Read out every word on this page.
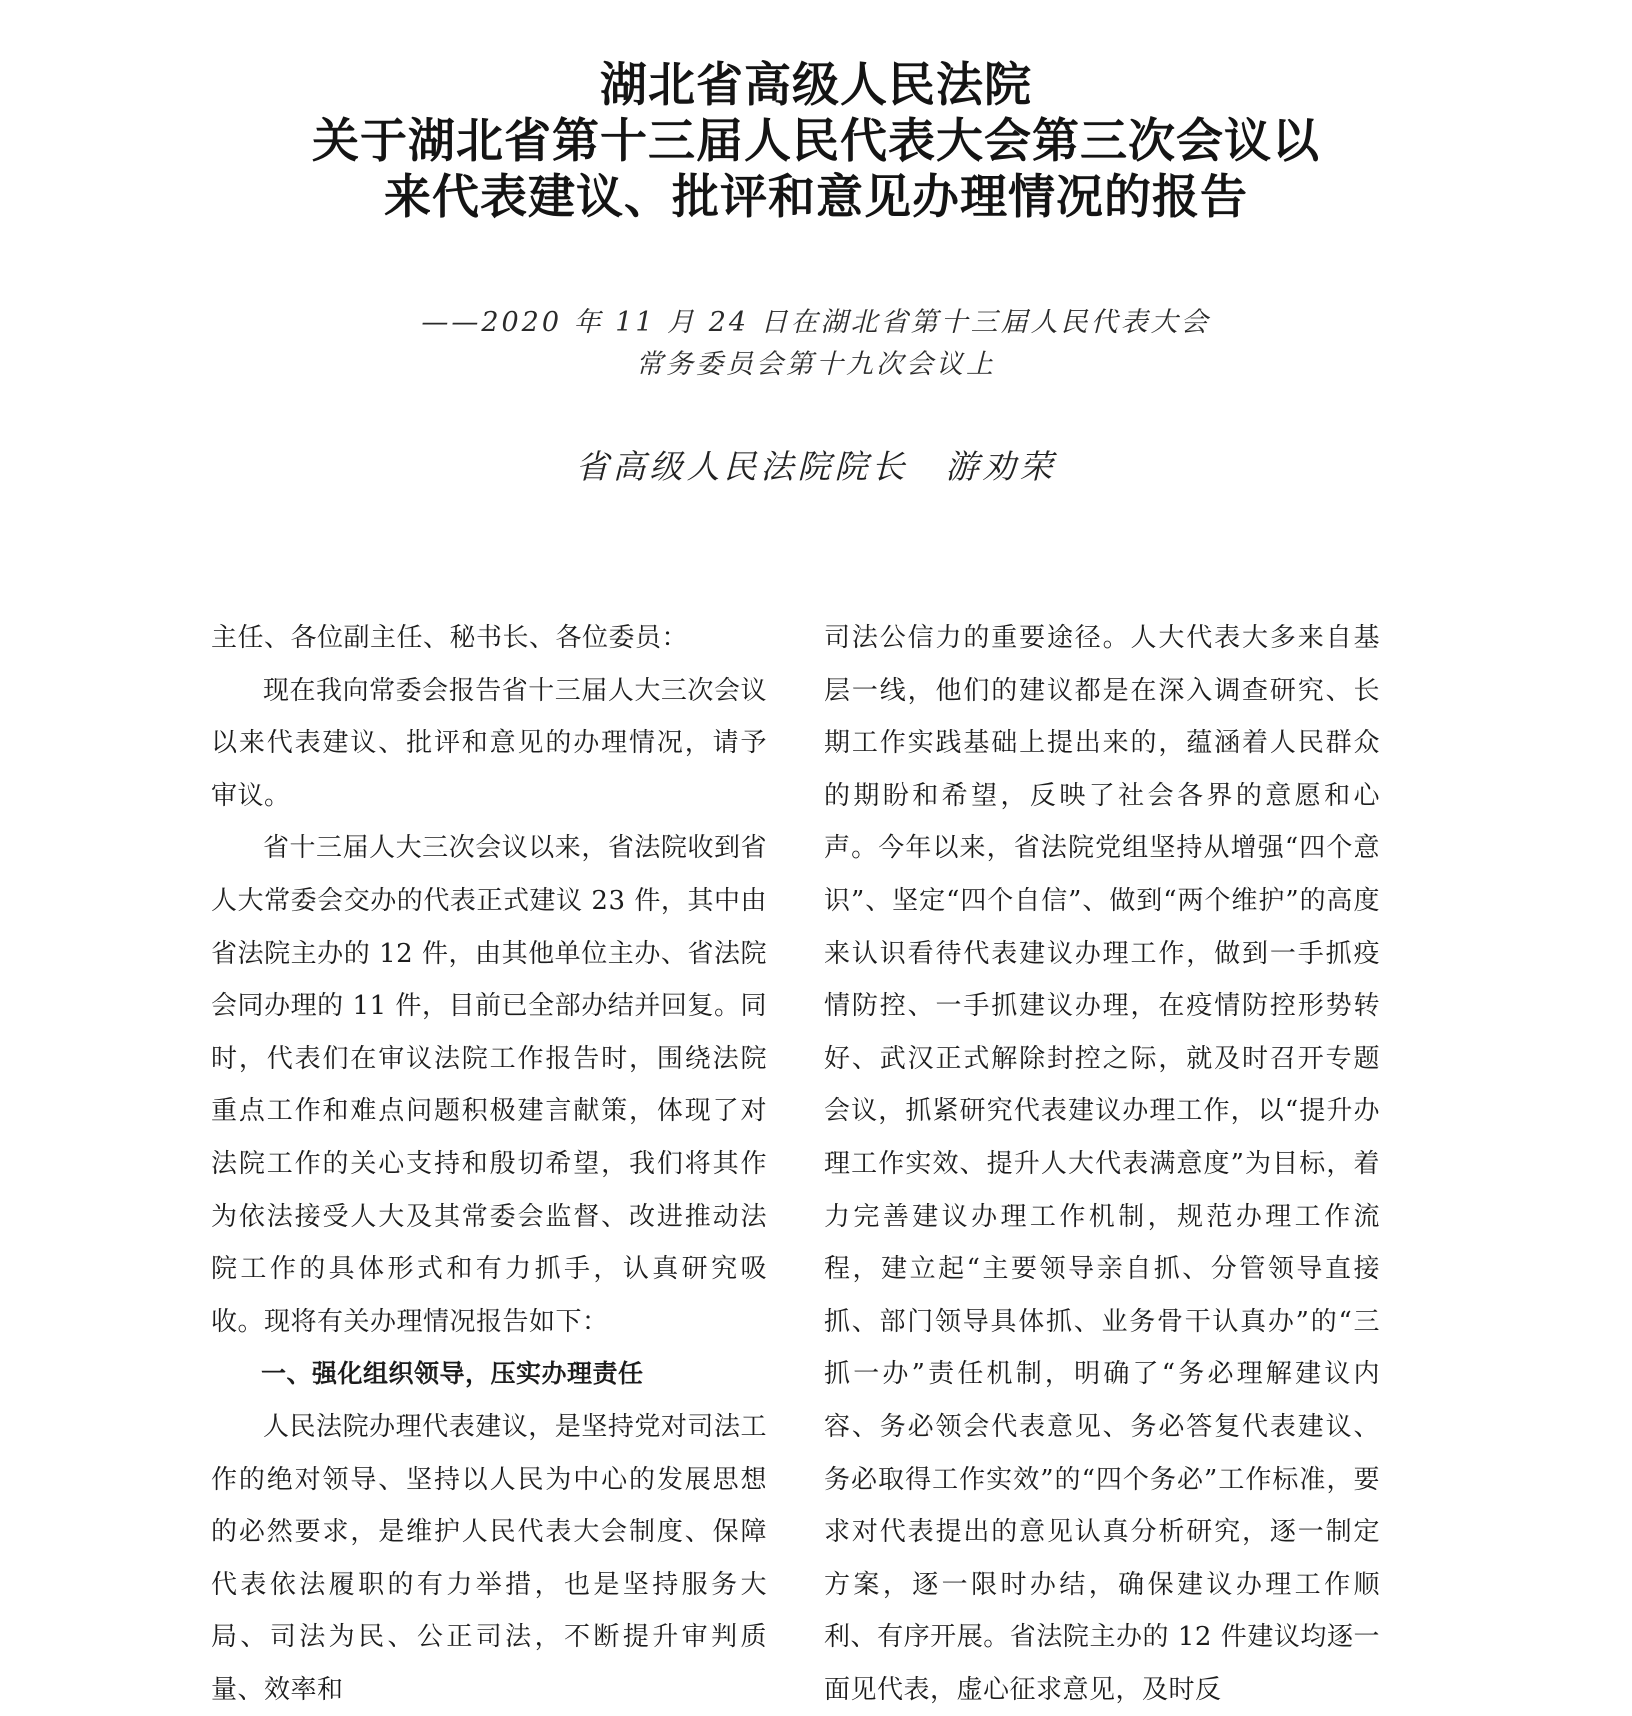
湖北省高级人民法院
关于湖北省第十三届人民代表大会第三次会议以
来代表建议、批评和意见办理情况的报告
——2020 年 11 月 24 日在湖北省第十三届人民代表大会
常务委员会第十九次会议上
省高级人民法院院长　游劝荣

主任、各位副主任、秘书长、各位委员：

现在我向常委会报告省十三届人大三次会议以来代表建议、批评和意见的办理情况，请予审议。

省十三届人大三次会议以来，省法院收到省人大常委会交办的代表正式建议 23 件，其中由省法院主办的 12 件，由其他单位主办、省法院会同办理的 11 件，目前已全部办结并回复。同时，代表们在审议法院工作报告时，围绕法院重点工作和难点问题积极建言献策，体现了对法院工作的关心支持和殷切希望，我们将其作为依法接受人大及其常委会监督、改进推动法院工作的具体形式和有力抓手，认真研究吸收。现将有关办理情况报告如下：

一、强化组织领导，压实办理责任

人民法院办理代表建议，是坚持党对司法工作的绝对领导、坚持以人民为中心的发展思想的必然要求，是维护人民代表大会制度、保障代表依法履职的有力举措，也是坚持服务大局、司法为民、公正司法，不断提升审判质量、效率和

司法公信力的重要途径。人大代表大多来自基层一线，他们的建议都是在深入调查研究、长期工作实践基础上提出来的，蕴涵着人民群众的期盼和希望，反映了社会各界的意愿和心声。今年以来，省法院党组坚持从增强“四个意识”、坚定“四个自信”、做到“两个维护”的高度来认识看待代表建议办理工作，做到一手抓疫情防控、一手抓建议办理，在疫情防控形势转好、武汉正式解除封控之际，就及时召开专题会议，抓紧研究代表建议办理工作，以“提升办理工作实效、提升人大代表满意度”为目标，着力完善建议办理工作机制，规范办理工作流程，建立起“主要领导亲自抓、分管领导直接抓、部门领导具体抓、业务骨干认真办”的“三抓一办”责任机制，明确了“务必理解建议内容、务必领会代表意见、务必答复代表建议、务必取得工作实效”的“四个务必”工作标准，要求对代表提出的意见认真分析研究，逐一制定方案，逐一限时办结，确保建议办理工作顺利、有序开展。省法院主办的 12 件建议均逐一面见代表，虚心征求意见，及时反
